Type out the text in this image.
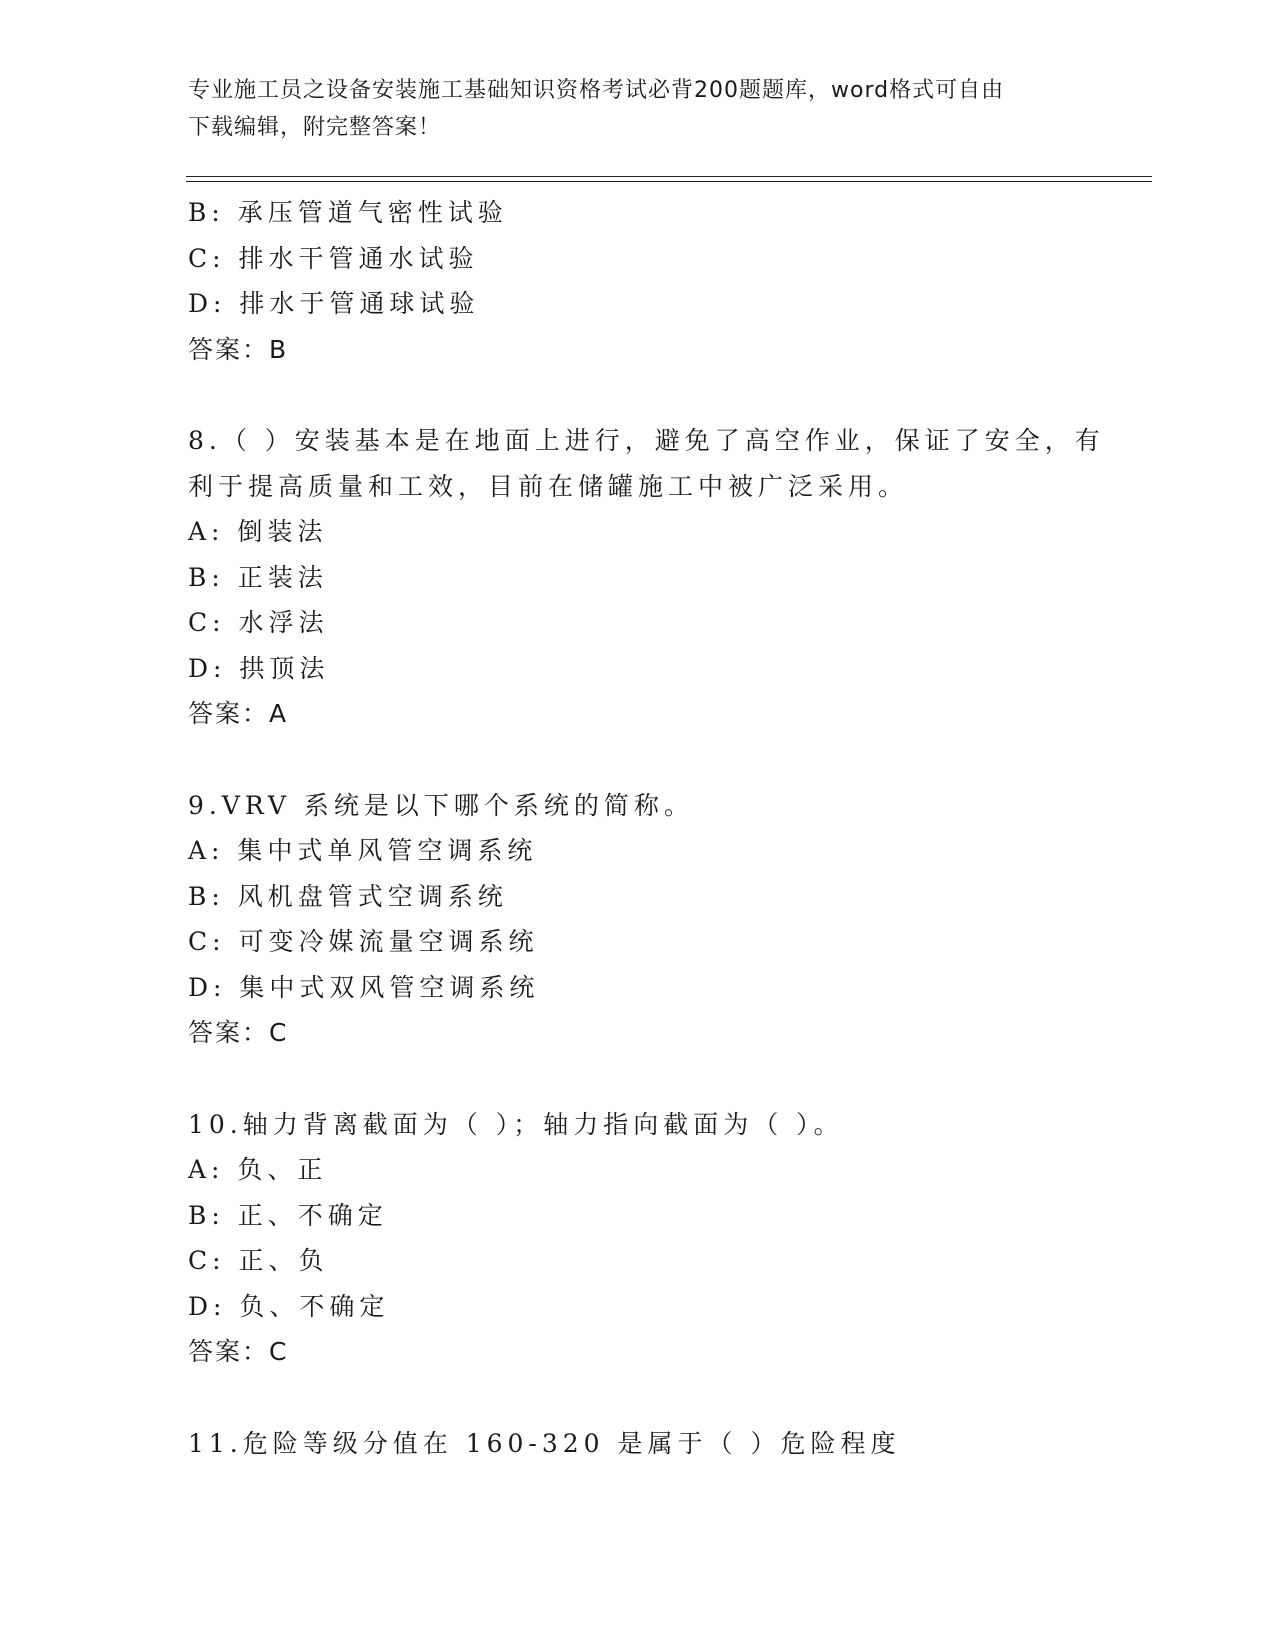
专业施工员之设备安装施工基础知识资格考试必背200题题库，word格式可自由
下载编辑，附完整答案！
B: 承压管道气密性试验
C: 排水干管通水试验
D: 排水于管通球试验
答案：B
8.（ ）安装基本是在地面上进行，避免了高空作业，保证了安全，有
利于提高质量和工效，目前在储罐施工中被广泛采用。
A: 倒装法
B: 正装法
C: 水浮法
D: 拱顶法
答案：A
9.VRV 系统是以下哪个系统的简称。
A: 集中式单风管空调系统
B: 风机盘管式空调系统
C: 可变冷媒流量空调系统
D: 集中式双风管空调系统
答案：C
10.轴力背离截面为（ ）；轴力指向截面为（ ）。
A: 负、正
B: 正、不确定
C: 正、负
D: 负、不确定
答案：C
11.危险等级分值在 160-320 是属于（ ）危险程度
